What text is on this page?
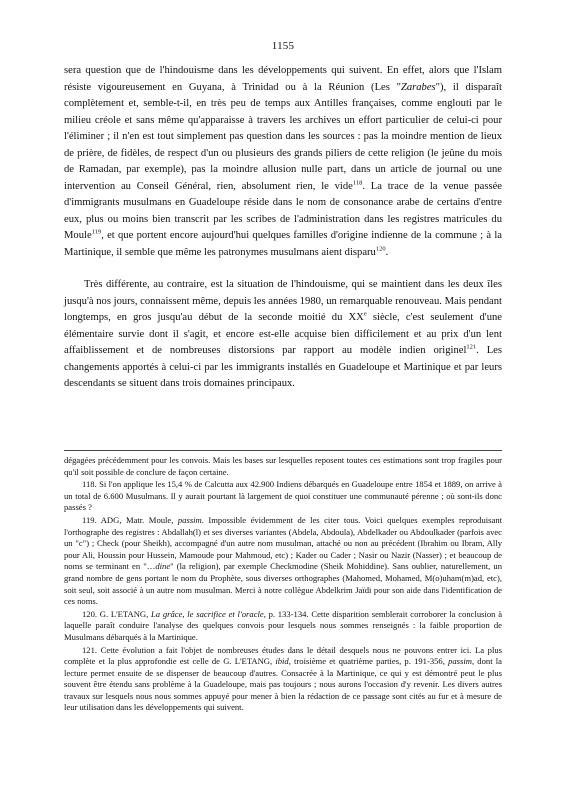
1155

sera question que de l'hindouisme dans les développements qui suivent. En effet, alors que l'Islam résiste vigoureusement en Guyana, à Trinidad ou à la Réunion (Les "Zarabes"), il disparaît complètement et, semble-t-il, en très peu de temps aux Antilles françaises, comme englouti par le milieu créole et sans même qu'apparaisse à travers les archives un effort particulier de celui-ci pour l'éliminer ; il n'en est tout simplement pas question dans les sources : pas la moindre mention de lieux de prière, de fidèles, de respect d'un ou plusieurs des grands piliers de cette religion (le jeûne du mois de Ramadan, par exemple), pas la moindre allusion nulle part, dans un article de journal ou une intervention au Conseil Général, rien, absolument rien, le vide$^{118}$. La trace de la venue passée d'immigrants musulmans en Guadeloupe réside dans le nom de consonance arabe de certains d'entre eux, plus ou moins bien transcrit par les scribes de l'administration dans les registres matricules du Moule$^{119}$, et que portent encore aujourd'hui quelques familles d'origine indienne de la commune ; à la Martinique, il semble que même les patronymes musulmans aient disparu$^{120}$.

Très différente, au contraire, est la situation de l'hindouisme, qui se maintient dans les deux îles jusqu'à nos jours, connaissent même, depuis les années 1980, un remarquable renouveau. Mais pendant longtemps, en gros jusqu'au début de la seconde moitié du XXe siècle, c'est seulement d'une élémentaire survie dont il s'agit, et encore est-elle acquise bien difficilement et au prix d'un lent affaiblissement et de nombreuses distorsions par rapport au modèle indien originel$^{121}$. Les changements apportés à celui-ci par les immigrants installés en Guadeloupe et Martinique et par leurs descendants se situent dans trois domaines principaux.

dégagées précédemment pour les convois. Mais les bases sur lesquelles reposent toutes ces estimations sont trop fragiles pour qu'il soit possible de conclure de façon certaine.

118. Si l'on applique les 15,4 % de Calcutta aux 42.900 Indiens débarqués en Guadeloupe entre 1854 et 1889, on arrive à un total de 6.600 Musulmans. Il y aurait pourtant là largement de quoi constituer une communauté pérenne ; où sont-ils donc passés ?

119. ADG, Matr. Moule, passim. Impossible évidemment de les citer tous. Voici quelques exemples reproduisant l'orthographe des registres : Abdallah(l) et ses diverses variantes (Abdela, Abdoula), Abdelkader ou Abdoulkader (parfois avec un "c") ; Check (pour Sheikh), accompagné d'un autre nom musulman, attaché ou non au précédent (Ibrahim ou Ibram, Ally pour Ali, Houssin pour Hussein, Mamoude pour Mahmoud, etc) ; Kader ou Cader ; Nasir ou Nazir (Nasser) ; et beaucoup de noms se terminant en "…dine" (la religion), par exemple Checkmodine (Sheik Mohiddine). Sans oublier, naturellement, un grand nombre de gens portant le nom du Prophète, sous diverses orthographes (Mahomed, Mohamed, M(o)uham(m)ad, etc), soit seul, soit associé à un autre nom musulman. Merci à notre collègue Abdelkrim Jaïdi pour son aide dans l'identification de ces noms.

120. G. L'ETANG, La grâce, le sacrifice et l'oracle, p. 133-134. Cette disparition semblerait corroborer la conclusion à laquelle paraît conduire l'analyse des quelques convois pour lesquels nous sommes renseignés : la faible proportion de Musulmans débarqués à la Martinique.

121. Cette évolution a fait l'objet de nombreuses études dans le détail desquels nous ne pouvons entrer ici. La plus complète et la plus approfondie est celle de G. L'ETANG, ibid, troisième et quatrième parties, p. 191-356, passim, dont la lecture permet ensuite de se dispenser de beaucoup d'autres. Consacrée à la Martinique, ce qui y est démontré peut le plus souvent être étendu sans problème à la Guadeloupe, mais pas toujours ; nous aurons l'occasion d'y revenir. Les divers autres travaux sur lesquels nous nous sommes appuyé pour mener à bien la rédaction de ce passage sont cités au fur et à mesure de leur utilisation dans les développements qui suivent.
